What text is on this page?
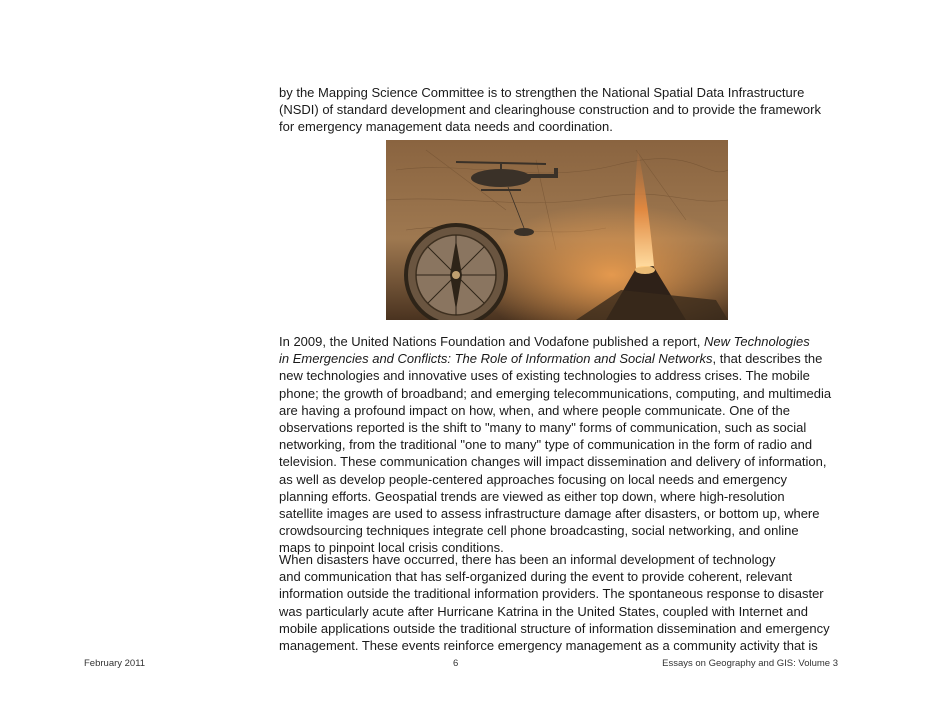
by the Mapping Science Committee is to strengthen the National Spatial Data Infrastructure
(NSDI) of standard development and clearinghouse construction and to provide the framework
for emergency management data needs and coordination.

In 2009, the United Nations Foundation and Vodafone published a report, New Technologies
in Emergencies and Conflicts: The Role of Information and Social Networks, that describes the
new technologies and innovative uses of existing technologies to address crises. The mobile
phone; the growth of broadband; and emerging telecommunications, computing, and multimedia
are having a profound impact on how, when, and where people communicate. One of the
observations reported is the shift to "many to many" forms of communication, such as social
networking, from the traditional "one to many" type of communication in the form of radio and
television. These communication changes will impact dissemination and delivery of information,
as well as develop people-centered approaches focusing on local needs and emergency
planning efforts. Geospatial trends are viewed as either top down, where high-resolution
satellite images are used to assess infrastructure damage after disasters, or bottom up, where
crowdsourcing techniques integrate cell phone broadcasting, social networking, and online
maps to pinpoint local crisis conditions.

When disasters have occurred, there has been an informal development of technology
and communication that has self-organized during the event to provide coherent, relevant
information outside the traditional information providers. The spontaneous response to disaster
was particularly acute after Hurricane Katrina in the United States, coupled with Internet and
mobile applications outside the traditional structure of information dissemination and emergency
management. These events reinforce emergency management as a community activity that is

February 2011	6	Essays on Geography and GIS: Volume 3
